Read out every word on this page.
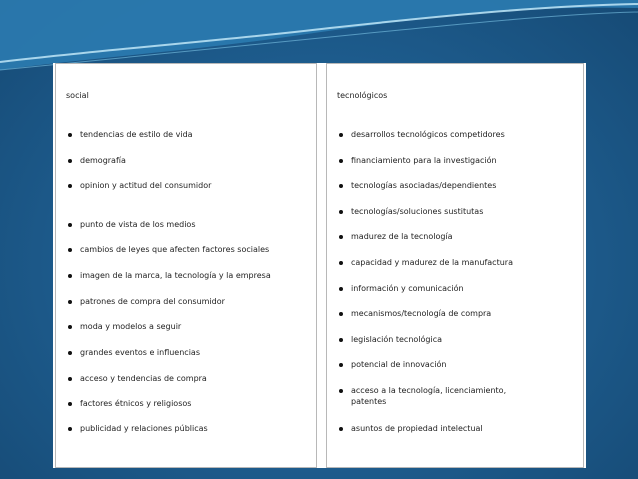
social
tendencias de estilo de vida
demografía
opinion y actitud del consumidor
punto de vista de los medios
cambios de leyes que afecten factores sociales
imagen de la marca, la tecnología y la empresa
patrones de compra del consumidor
moda y modelos a seguir
grandes eventos e influencias
acceso y tendencias de compra
factores étnicos y religiosos
publicidad y relaciones públicas
tecnológicos
desarrollos tecnológicos competidores
financiamiento para la investigación
tecnologías asociadas/dependientes
tecnologías/soluciones sustitutas
madurez de la tecnología
capacidad y madurez de la manufactura
información y comunicación
mecanismos/tecnología de compra
legislación tecnológica
potencial de innovación
acceso a la tecnología, licenciamiento, patentes
asuntos de propiedad intelectual
